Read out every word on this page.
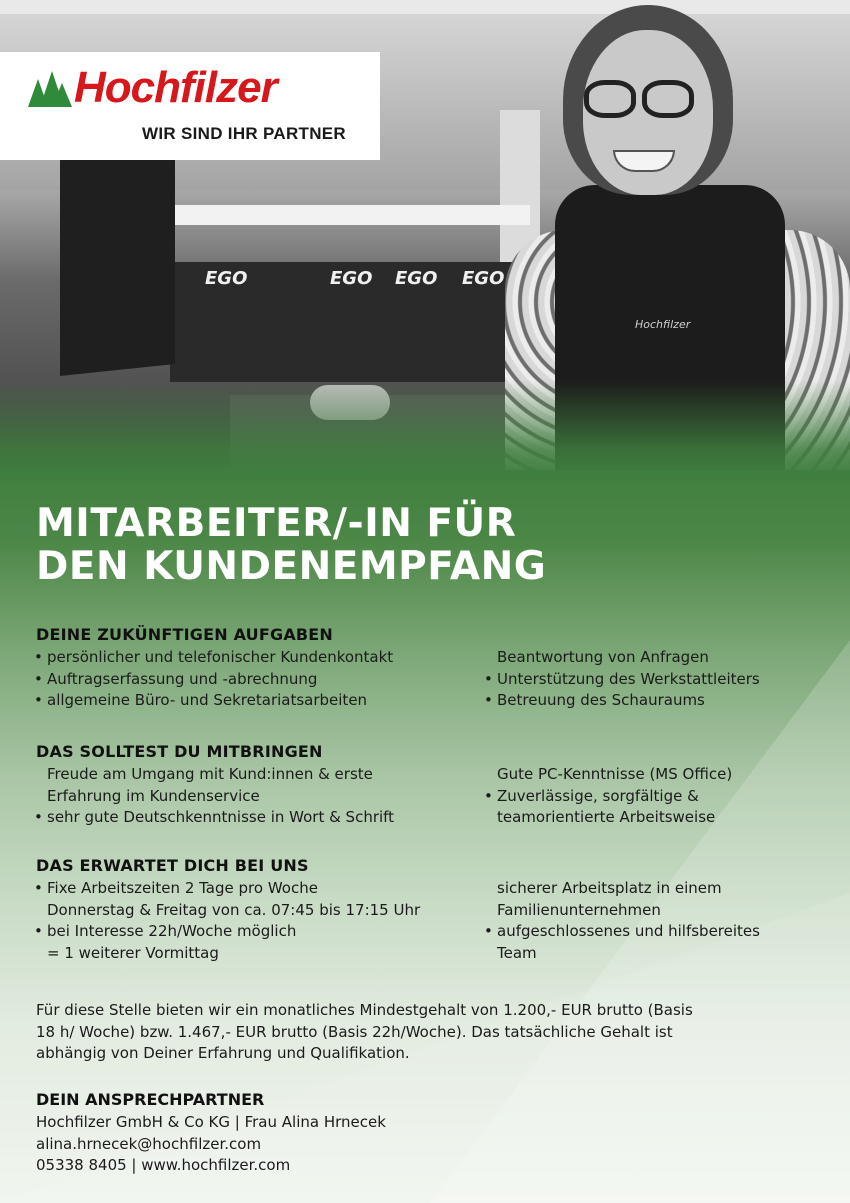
EGO	EGO EGO EGO
Hochfilzer
Hochfilzer
WIR SIND IHR PARTNER
MITARBEITER/-IN FÜR
DEN KUNDENEMPFANG
DEINE ZUKÜNFTIGEN AUFGABEN
• persönlicher und telefonischer Kundenkontakt
• Auftragserfassung und -abrechnung
• allgemeine Büro- und Sekretariatsarbeiten
Beantwortung von Anfragen
• Unterstützung des Werkstattleiters
• Betreuung des Schauraums
DAS SOLLTEST DU MITBRINGEN
Freude am Umgang mit Kund:innen & erste
Erfahrung im Kundenservice
• sehr gute Deutschkenntnisse in Wort & Schrift
Gute PC-Kenntnisse (MS Office)
• Zuverlässige, sorgfältige &
teamorientierte Arbeitsweise
DAS ERWARTET DICH BEI UNS
• Fixe Arbeitszeiten 2 Tage pro Woche
Donnerstag & Freitag von ca. 07:45 bis 17:15 Uhr
• bei Interesse 22h/Woche möglich
= 1 weiterer Vormittag
sicherer Arbeitsplatz in einem
Familienunternehmen
• aufgeschlossenes und hilfsbereites
Team

Für diese Stelle bieten wir ein monatliches Mindestgehalt von 1.200,- EUR brutto (Basis
18 h/ Woche) bzw. 1.467,- EUR brutto (Basis 22h/Woche). Das tatsächliche Gehalt ist
abhängig von Deiner Erfahrung und Qualifikation.

DEIN ANSPRECHPARTNER
Hochfilzer GmbH & Co KG | Frau Alina Hrnecek
alina.hrnecek@hochfilzer.com
05338 8405 | www.hochfilzer.com
